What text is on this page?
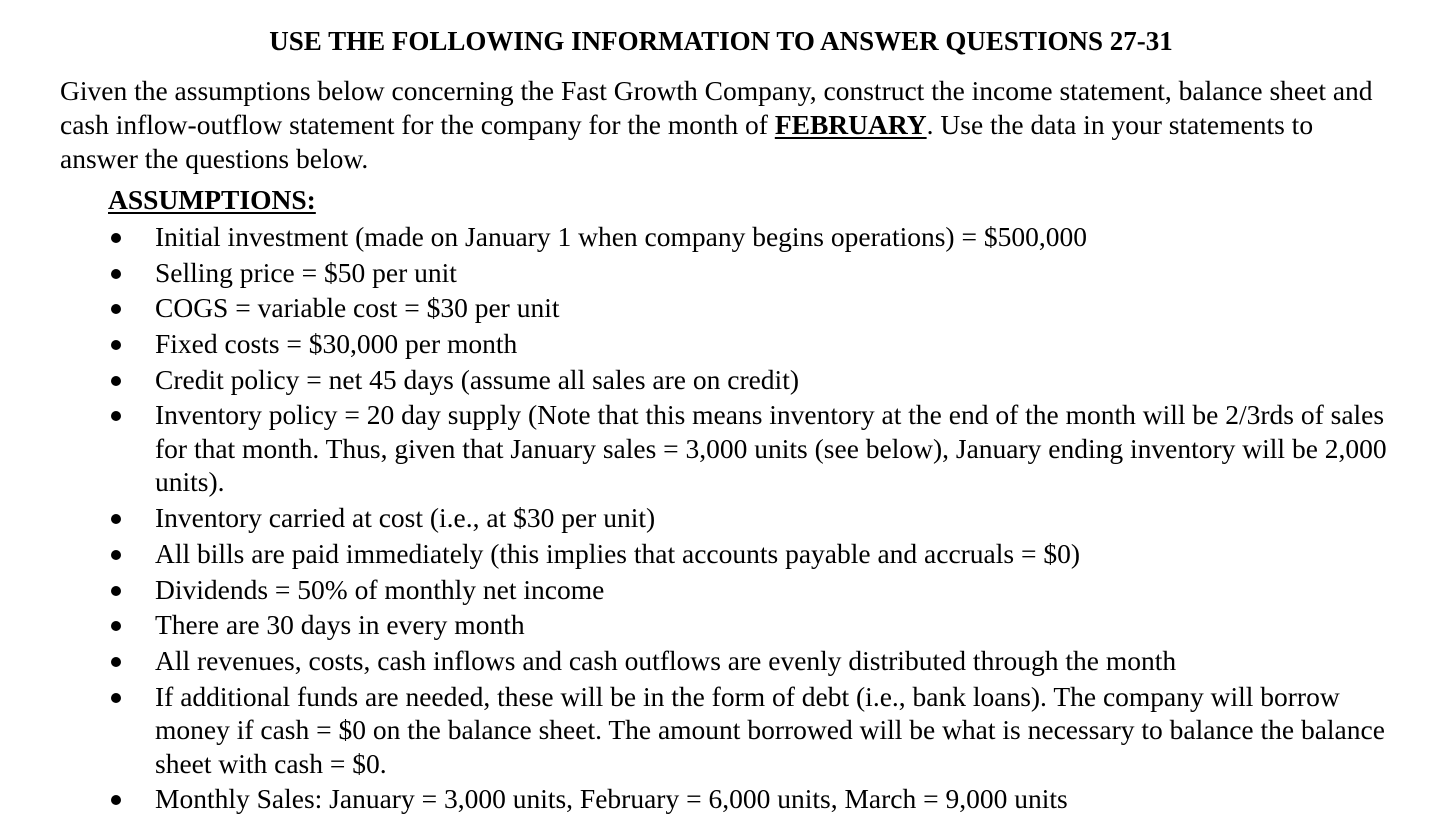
USE THE FOLLOWING INFORMATION TO ANSWER QUESTIONS 27-31
Given the assumptions below concerning the Fast Growth Company, construct the income statement, balance sheet and cash inflow-outflow statement for the company for the month of FEBRUARY. Use the data in your statements to answer the questions below.
ASSUMPTIONS:
Initial investment (made on January 1 when company begins operations) = $500,000
Selling price = $50 per unit
COGS = variable cost = $30 per unit
Fixed costs = $30,000 per month
Credit policy = net 45 days (assume all sales are on credit)
Inventory policy = 20 day supply (Note that this means inventory at the end of the month will be 2/3rds of sales for that month. Thus, given that January sales = 3,000 units (see below), January ending inventory will be 2,000 units).
Inventory carried at cost (i.e., at $30 per unit)
All bills are paid immediately (this implies that accounts payable and accruals = $0)
Dividends = 50% of monthly net income
There are 30 days in every month
All revenues, costs, cash inflows and cash outflows are evenly distributed through the month
If additional funds are needed, these will be in the form of debt (i.e., bank loans). The company will borrow money if cash = $0 on the balance sheet. The amount borrowed will be what is necessary to balance the balance sheet with cash = $0.
Monthly Sales: January = 3,000 units, February = 6,000 units, March = 9,000 units
